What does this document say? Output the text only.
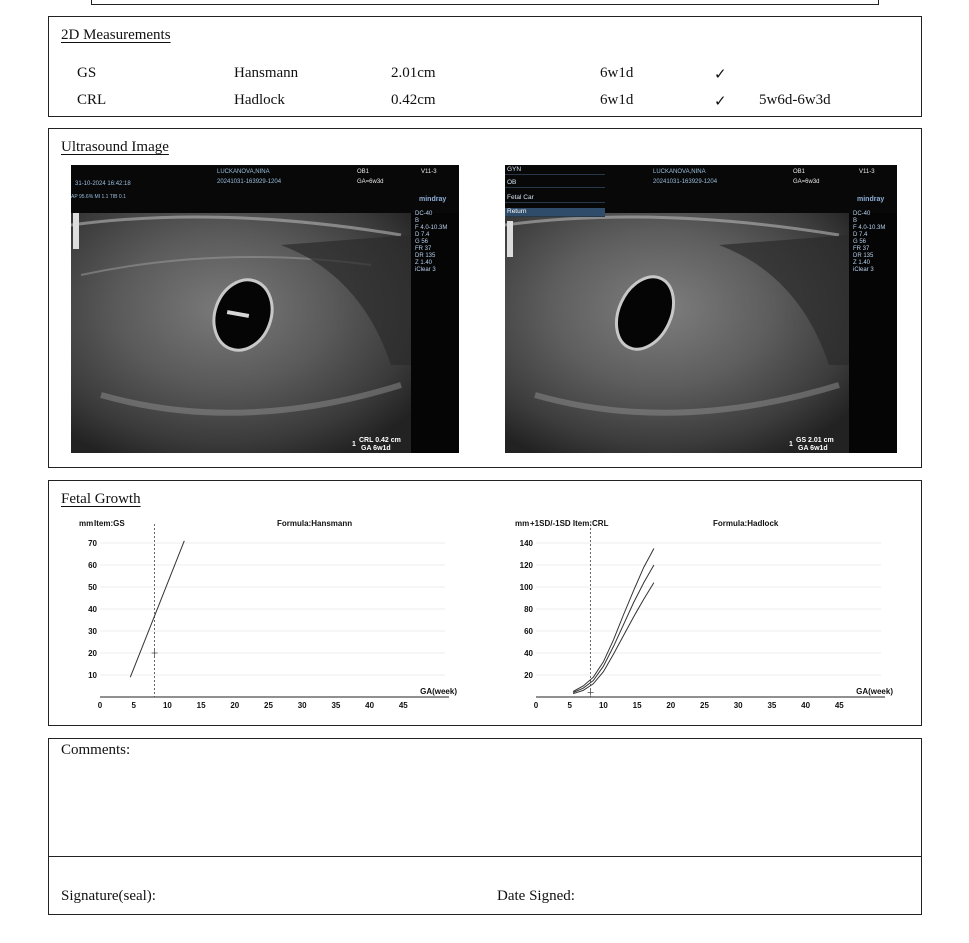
2D Measurements
GS	Hansmann	2.01cm	6w1d	✓
CRL	Hadlock	0.42cm	6w1d	✓ 5w6d-6w3d
Ultrasound Image
31-10-2024 16:42:18
LUCKANOVA,NINA
20241031-163929-1204
OB1
GA=6w3d
V11-3
AP 95.6% MI 1.1 TIB 0.1	mindray
DC-40
B
F 4.0-10.3M
D 7.4
G 56
FR 37
DR 135
Z 1.40
iClear 3
1
CRL 0.42 cm
GA 6w1d
GYN
OB
Fetal Car
Return
LUCKANOVA,NINA
20241031-163929-1204
OB1
GA=6w3d
V11-3
mindray
DC-40
B
F 4.0-10.3M
D 7.4
G 56
FR 37
DR 135
Z 1.40
iClear 3
1
GS 2.01 cm
GA 6w1d
Fetal Growth
mm Item:GS	Formula:Hansmann
GA(week)
0	5	10	15	20	25	30	35	40	45
10
20
30
40
50
60
70
mm +1SD/-1SD Item:CRL	Formula:Hadlock
GA(week)
0	5	10	15	20	25	30	35	40	45
20
40
60
80
100
120
140
Comments:
Signature(seal):	Date Signed:
